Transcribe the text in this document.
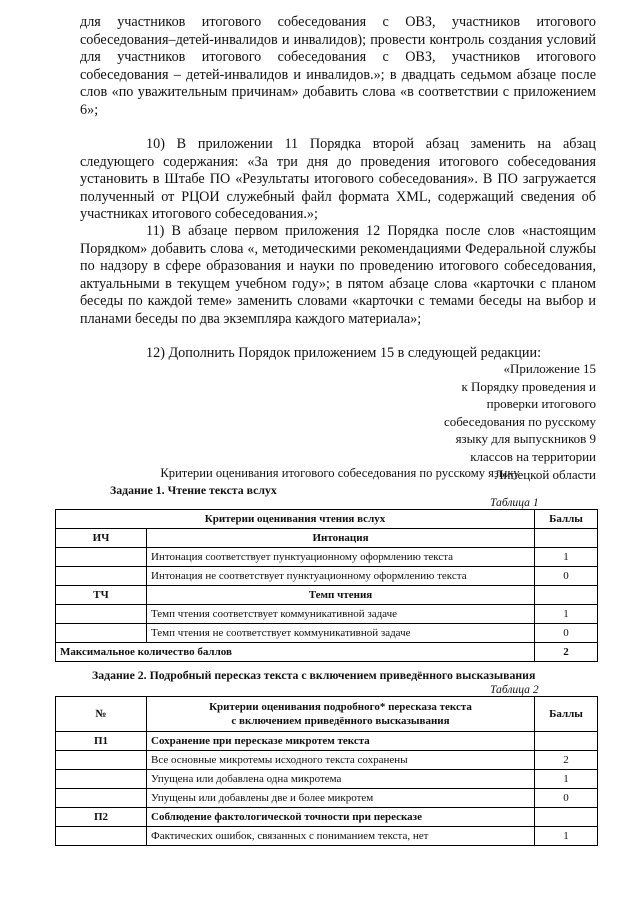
для участников итогового собеседования с ОВЗ, участников итогового собеседования–детей-инвалидов и инвалидов); провести контроль создания условий для участников итогового собеседования с ОВЗ, участников итогового собеседования – детей-инвалидов и инвалидов.»; в двадцать седьмом абзаце после слов «по уважительным причинам» добавить слова «в соответствии с приложением 6»;
10) В приложении 11 Порядка второй абзац заменить на абзац следующего содержания: «За три дня до проведения итогового собеседования установить в Штабе ПО «Результаты итогового собеседования». В ПО загружается полученный от РЦОИ служебный файл формата XML, содержащий сведения об участниках итогового собеседования.»;
11) В абзаце первом приложения 12 Порядка после слов «настоящим Порядком» добавить слова «, методическими рекомендациями Федеральной службы по надзору в сфере образования и науки по проведению итогового собеседования, актуальными в текущем учебном году»; в пятом абзаце слова «карточки с планом беседы по каждой теме» заменить словами «карточки с темами беседы на выбор и планами беседы по два экземпляра каждого материала»;
12) Дополнить Порядок приложением 15 в следующей редакции:
«Приложение 15
к Порядку проведения и
проверки итогового
собеседования по русскому
языку для выпускников 9
классов на территории
Липецкой области
Критерии оценивания итогового собеседования по русскому языку
Задание 1. Чтение текста вслух
Таблица 1
Критерии оценивания чтения вслух		Баллы
ИЧ	Интонация	
	Интонация соответствует пунктуационному оформлению текста	1
	Интонация не соответствует пунктуационному оформлению текста	0
ТЧ	Темп чтения	
	Темп чтения соответствует коммуникативной задаче	1
	Темп чтения не соответствует коммуникативной задаче	0
Максимальное количество баллов		2
Задание 2. Подробный пересказ текста с включением приведённого высказывания
Таблица 2
№	Критерии оценивания подробного* пересказа текста
с включением приведённого высказывания	Баллы
П1	Сохранение при пересказе микротем текста	
	Все основные микротемы исходного текста сохранены	2
	Упущена или добавлена одна микротема	1
	Упущены или добавлены две и более микротем	0
П2	Соблюдение фактологической точности при пересказе	
	Фактических ошибок, связанных с пониманием текста, нет	1
